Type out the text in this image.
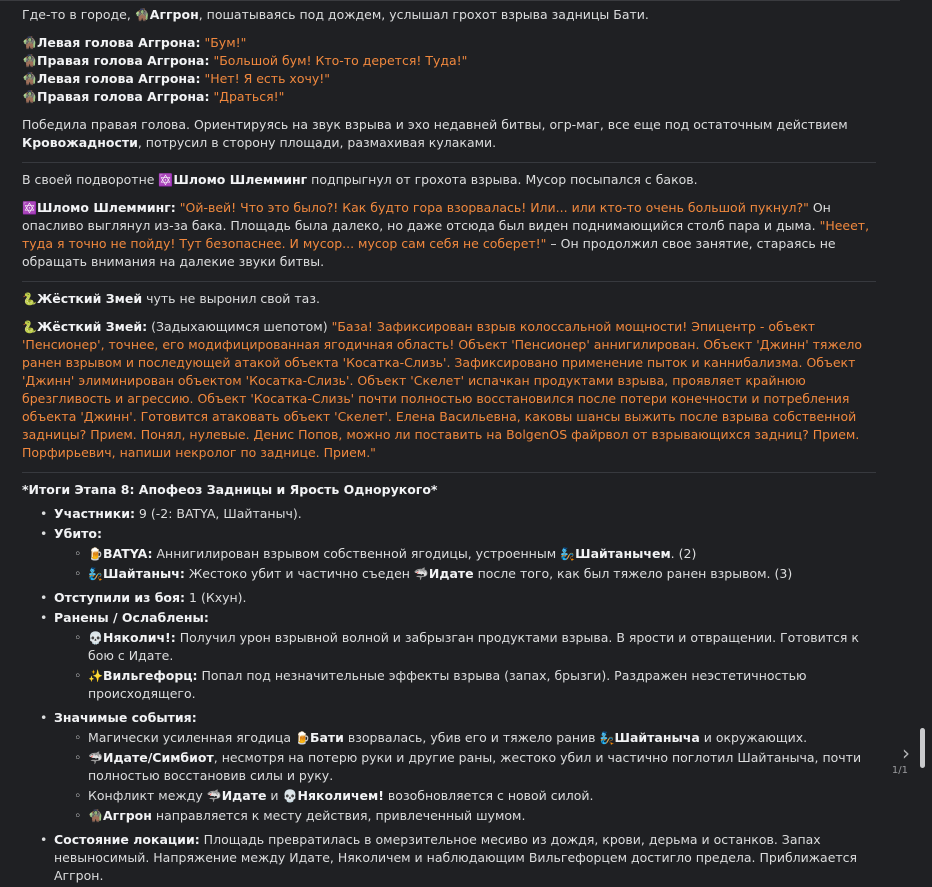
Где-то в городе, 🧌Аггрон, пошатываясь под дождем, услышал грохот взрыва задницы Бати.

🧌Левая голова Аггрона: "Бум!"
🧌Правая голова Аггрона: "Большой бум! Кто-то дерется! Туда!"
🧌Левая голова Аггрона: "Нет! Я есть хочу!"
🧌Правая голова Аггрона: "Драться!"

Победила правая голова. Ориентируясь на звук взрыва и эхо недавней битвы, огр-маг, все еще под остаточным действием Кровожадности, потрусил в сторону площади, размахивая кулаками.

В своей подворотне 🔯Шломо Шлемминг подпрыгнул от грохота взрыва. Мусор посыпался с баков.

🔯Шломо Шлемминг: "Ой-вей! Что это было?! Как будто гора взорвалась! Или... или кто-то очень большой пукнул?" Он опасливо выглянул из-за бака. Площадь была далеко, но даже отсюда был виден поднимающийся столб пара и дыма. "Нееет, туда я точно не пойду! Тут безопаснее. И мусор... мусор сам себя не соберет!" – Он продолжил свое занятие, стараясь не обращать внимания на далекие звуки битвы.

🐍Жёсткий Змей чуть не выронил свой таз.

🐍Жёсткий Змей: (Задыхающимся шепотом) "База! Зафиксирован взрыв колоссальной мощности! Эпицентр - объект 'Пенсионер', точнее, его модифицированная ягодичная область! Объект 'Пенсионер' аннигилирован. Объект 'Джинн' тяжело ранен взрывом и последующей атакой объекта 'Косатка-Слизь'. Зафиксировано применение пыток и каннибализма. Объект 'Джинн' элиминирован объектом 'Косатка-Слизь'. Объект 'Скелет' испачкан продуктами взрыва, проявляет крайнюю брезгливость и агрессию. Объект 'Косатка-Слизь' почти полностью восстановился после потери конечности и потребления объекта 'Джинн'. Готовится атаковать объект 'Скелет'. Елена Васильевна, каковы шансы выжить после взрыва собственной задницы? Прием. Понял, нулевые. Денис Попов, можно ли поставить на BolgenOS файрвол от взрывающихся задниц? Прием. Порфирьевич, напиши некролог по заднице. Прием."

*Итоги Этапа 8: Апофеоз Задницы и Ярость Однорукого*
• Участники: 9 (-2: BATYA, Шайтаныч).
• Убито:
◦ 🍺BATYA: Аннигилирован взрывом собственной ягодицы, устроенным 🧞Шайтанычем. (2)
◦ 🧞Шайтаныч: Жестоко убит и частично съеден 🦈Идате после того, как был тяжело ранен взрывом. (3)
• Отступили из боя: 1 (Кхун).
• Ранены / Ослаблены:
◦ 💀Няколич!: Получил урон взрывной волной и забрызган продуктами взрыва. В ярости и отвращении. Готовится к бою с Идате.
◦ ✨Вильгефорц: Попал под незначительные эффекты взрыва (запах, брызги). Раздражен неэстетичностью происходящего.
• Значимые события:
◦ Магически усиленная ягодица 🍺Бати взорвалась, убив его и тяжело ранив 🧞Шайтаныча и окружающих.
◦ 🦈Идате/Симбиот, несмотря на потерю руки и другие раны, жестоко убил и частично поглотил Шайтаныча, почти полностью восстановив силы и руку.
◦ Конфликт между 🦈Идате и 💀Няколичем! возобновляется с новой силой.
◦ 🧌Аггрон направляется к месту действия, привлеченный шумом.
• Состояние локации: Площадь превратилась в омерзительное месиво из дождя, крови, дерьма и останков. Запах невыносимый. Напряжение между Идате, Няколичем и наблюдающим Вильгефорцем достигло предела. Приближается Аггрон.
›
1/1
